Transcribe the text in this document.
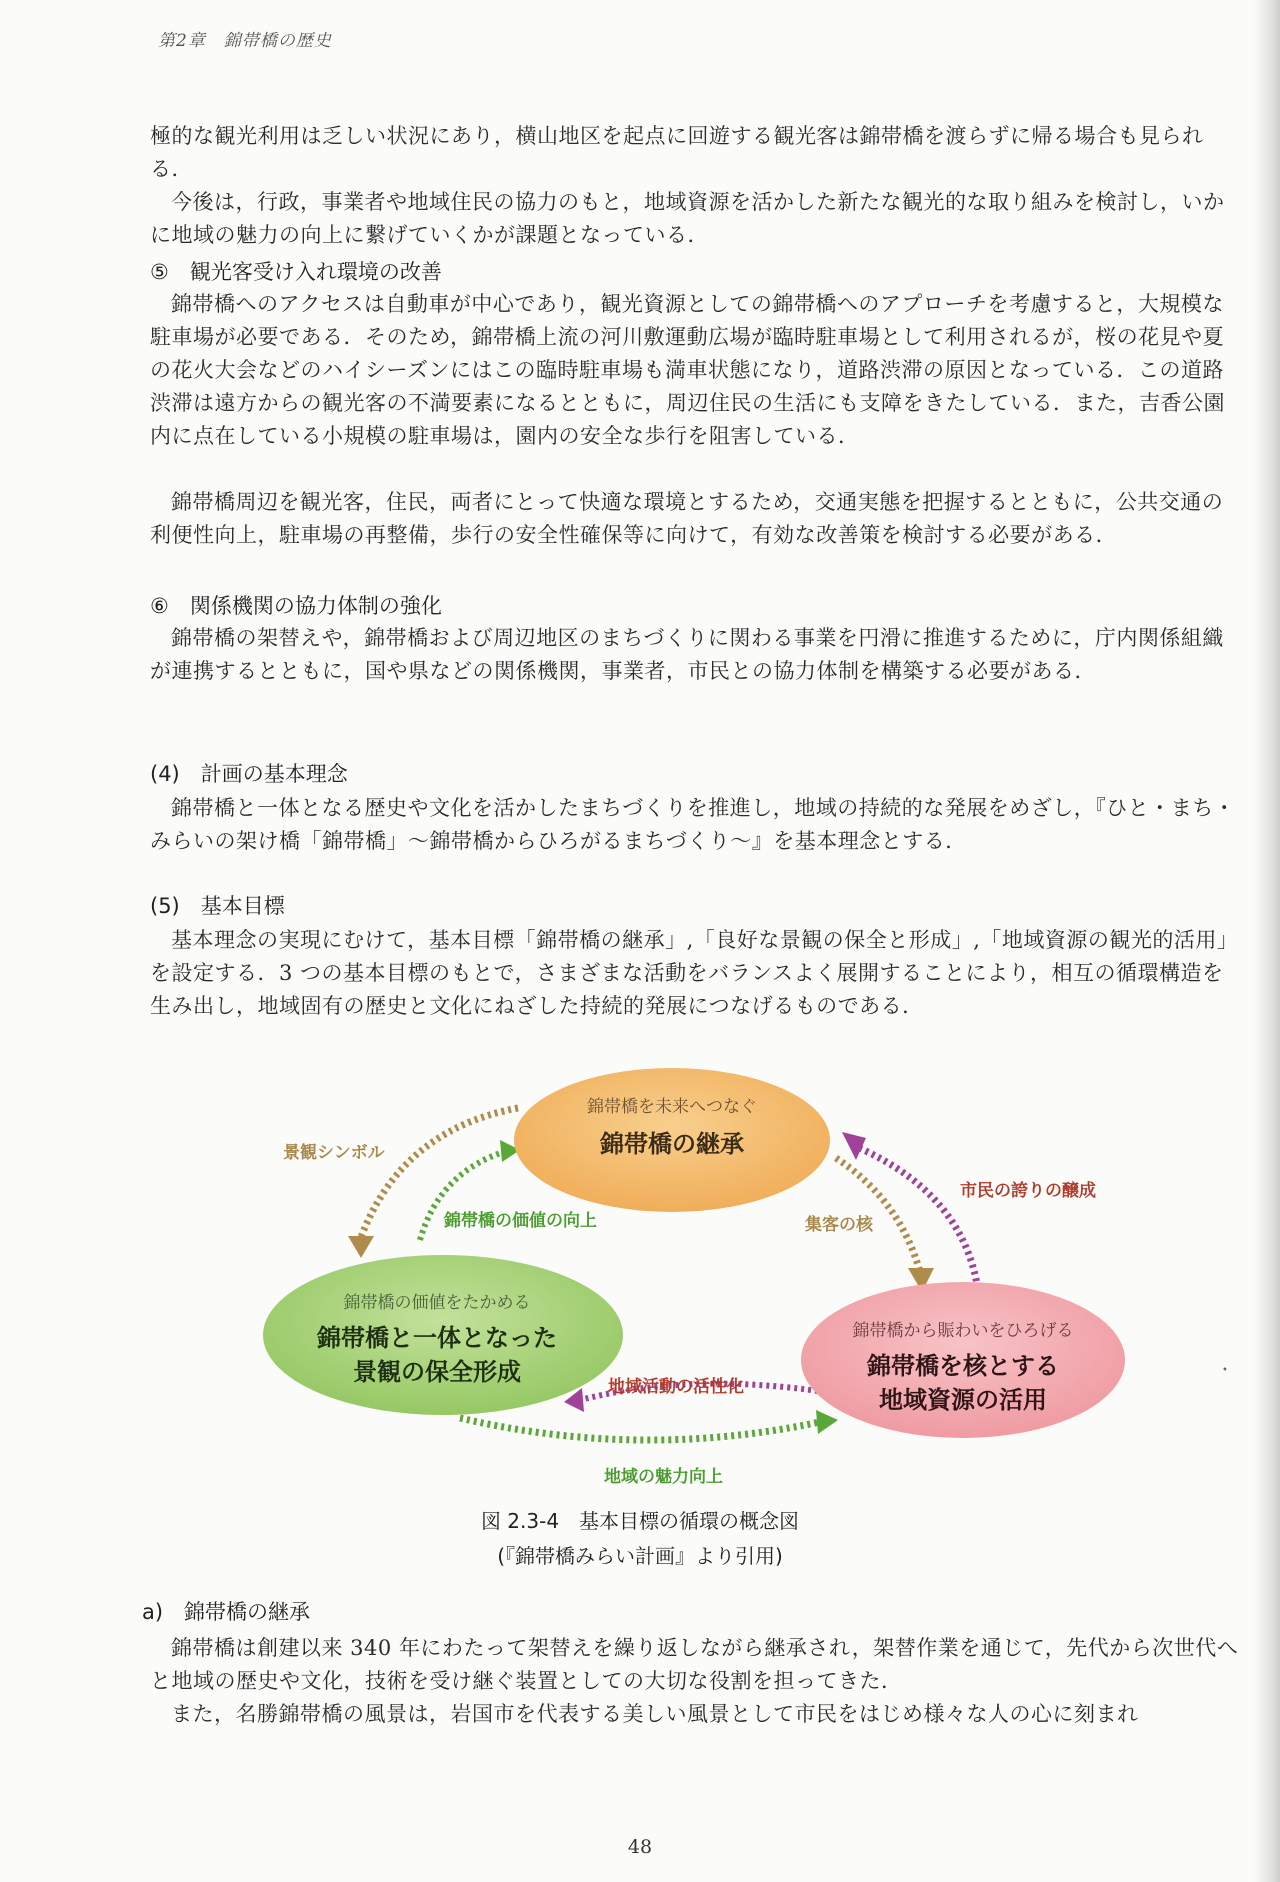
第2章　錦帯橋の歴史

極的な観光利用は乏しい状況にあり，横山地区を起点に回遊する観光客は錦帯橋を渡らずに帰る場合も見られる．

今後は，行政，事業者や地域住民の協力のもと，地域資源を活かした新たな観光的な取り組みを検討し，いかに地域の魅力の向上に繋げていくかが課題となっている．

⑤　観光客受け入れ環境の改善

錦帯橋へのアクセスは自動車が中心であり，観光資源としての錦帯橋へのアプローチを考慮すると，大規模な駐車場が必要である．そのため，錦帯橋上流の河川敷運動広場が臨時駐車場として利用されるが，桜の花見や夏の花火大会などのハイシーズンにはこの臨時駐車場も満車状態になり，道路渋滞の原因となっている．この道路渋滞は遠方からの観光客の不満要素になるとともに，周辺住民の生活にも支障をきたしている．また，吉香公園内に点在している小規模の駐車場は，園内の安全な歩行を阻害している．

錦帯橋周辺を観光客，住民，両者にとって快適な環境とするため，交通実態を把握するとともに，公共交通の利便性向上，駐車場の再整備，歩行の安全性確保等に向けて，有効な改善策を検討する必要がある．

⑥　関係機関の協力体制の強化

錦帯橋の架替えや，錦帯橋および周辺地区のまちづくりに関わる事業を円滑に推進するために，庁内関係組織が連携するとともに，国や県などの関係機関，事業者，市民との協力体制を構築する必要がある．

(4)　計画の基本理念

錦帯橋と一体となる歴史や文化を活かしたまちづくりを推進し，地域の持続的な発展をめざし，『ひと・まち・みらいの架け橋「錦帯橋」〜錦帯橋からひろがるまちづくり〜』を基本理念とする．

(5)　基本目標

基本理念の実現にむけて，基本目標「錦帯橋の継承」,「良好な景観の保全と形成」,「地域資源の観光的活用」を設定する．3 つの基本目標のもとで，さまざまな活動をバランスよく展開することにより，相互の循環構造を生み出し，地域固有の歴史と文化にねざした持続的発展につなげるものである．

錦帯橋を未来へつなぐ
錦帯橋の継承
錦帯橋の価値をたかめる
錦帯橋と一体となった
景観の保全形成
錦帯橋から賑わいをひろげる
錦帯橋を核とする
地域資源の活用
景観シンボル
錦帯橋の価値の向上
市民の誇りの醸成
集客の核
地域活動の活性化
地域の魅力向上
図 2.3-4　基本目標の循環の概念図
(『錦帯橋みらい計画』より引用)
a)　錦帯橋の継承

錦帯橋は創建以来 340 年にわたって架替えを繰り返しながら継承され，架替作業を通じて，先代から次世代へと地域の歴史や文化，技術を受け継ぐ装置としての大切な役割を担ってきた．

また，名勝錦帯橋の風景は，岩国市を代表する美しい風景として市民をはじめ様々な人の心に刻まれ

•
48
